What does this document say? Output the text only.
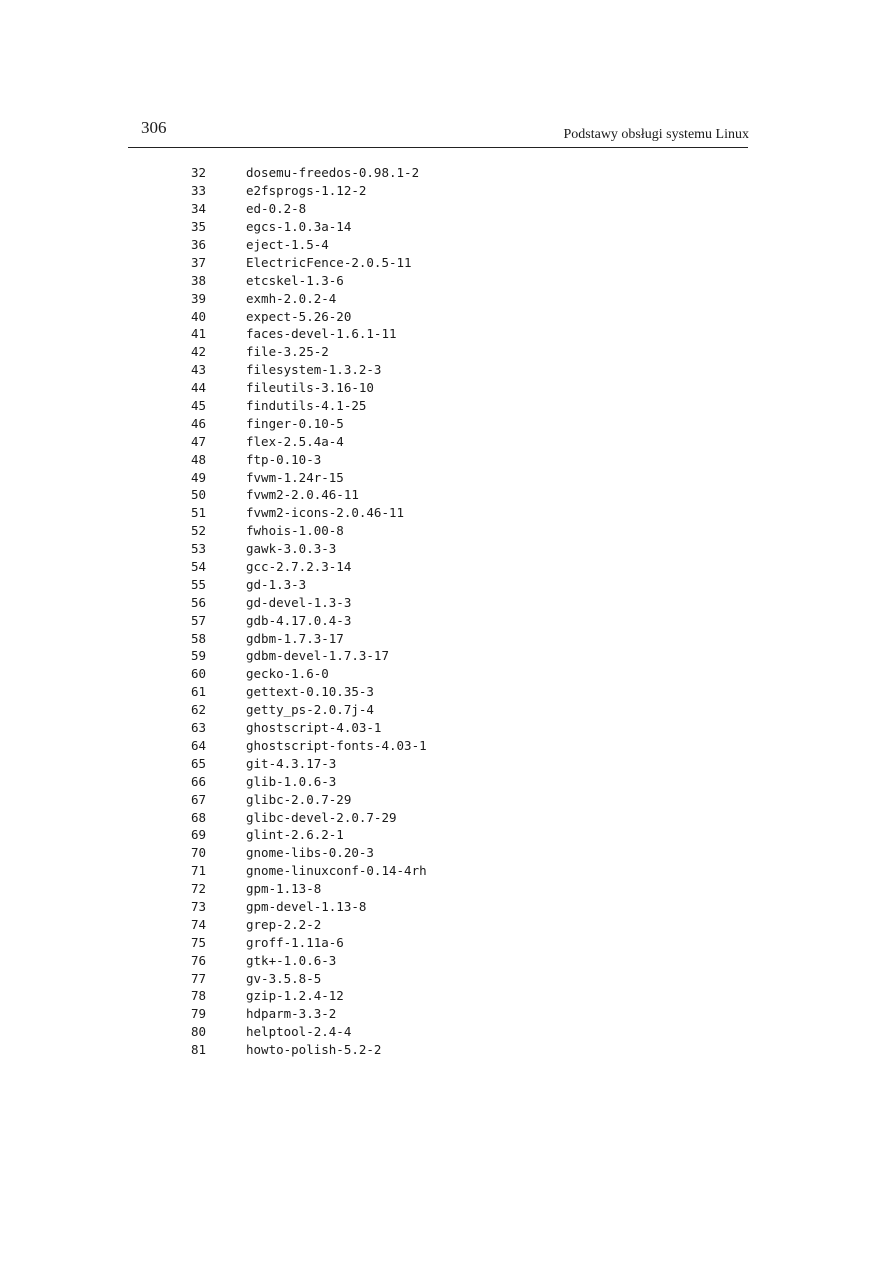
306	Podstawy obsługi systemu Linux
32	dosemu-freedos-0.98.1-2
33	e2fsprogs-1.12-2
34	ed-0.2-8
35	egcs-1.0.3a-14
36	eject-1.5-4
37	ElectricFence-2.0.5-11
38	etcskel-1.3-6
39	exmh-2.0.2-4
40	expect-5.26-20
41	faces-devel-1.6.1-11
42	file-3.25-2
43	filesystem-1.3.2-3
44	fileutils-3.16-10
45	findutils-4.1-25
46	finger-0.10-5
47	flex-2.5.4a-4
48	ftp-0.10-3
49	fvwm-1.24r-15
50	fvwm2-2.0.46-11
51	fvwm2-icons-2.0.46-11
52	fwhois-1.00-8
53	gawk-3.0.3-3
54	gcc-2.7.2.3-14
55	gd-1.3-3
56	gd-devel-1.3-3
57	gdb-4.17.0.4-3
58	gdbm-1.7.3-17
59	gdbm-devel-1.7.3-17
60	gecko-1.6-0
61	gettext-0.10.35-3
62	getty_ps-2.0.7j-4
63	ghostscript-4.03-1
64	ghostscript-fonts-4.03-1
65	git-4.3.17-3
66	glib-1.0.6-3
67	glibc-2.0.7-29
68	glibc-devel-2.0.7-29
69	glint-2.6.2-1
70	gnome-libs-0.20-3
71	gnome-linuxconf-0.14-4rh
72	gpm-1.13-8
73	gpm-devel-1.13-8
74	grep-2.2-2
75	groff-1.11a-6
76	gtk+-1.0.6-3
77	gv-3.5.8-5
78	gzip-1.2.4-12
79	hdparm-3.3-2
80	helptool-2.4-4
81	howto-polish-5.2-2
